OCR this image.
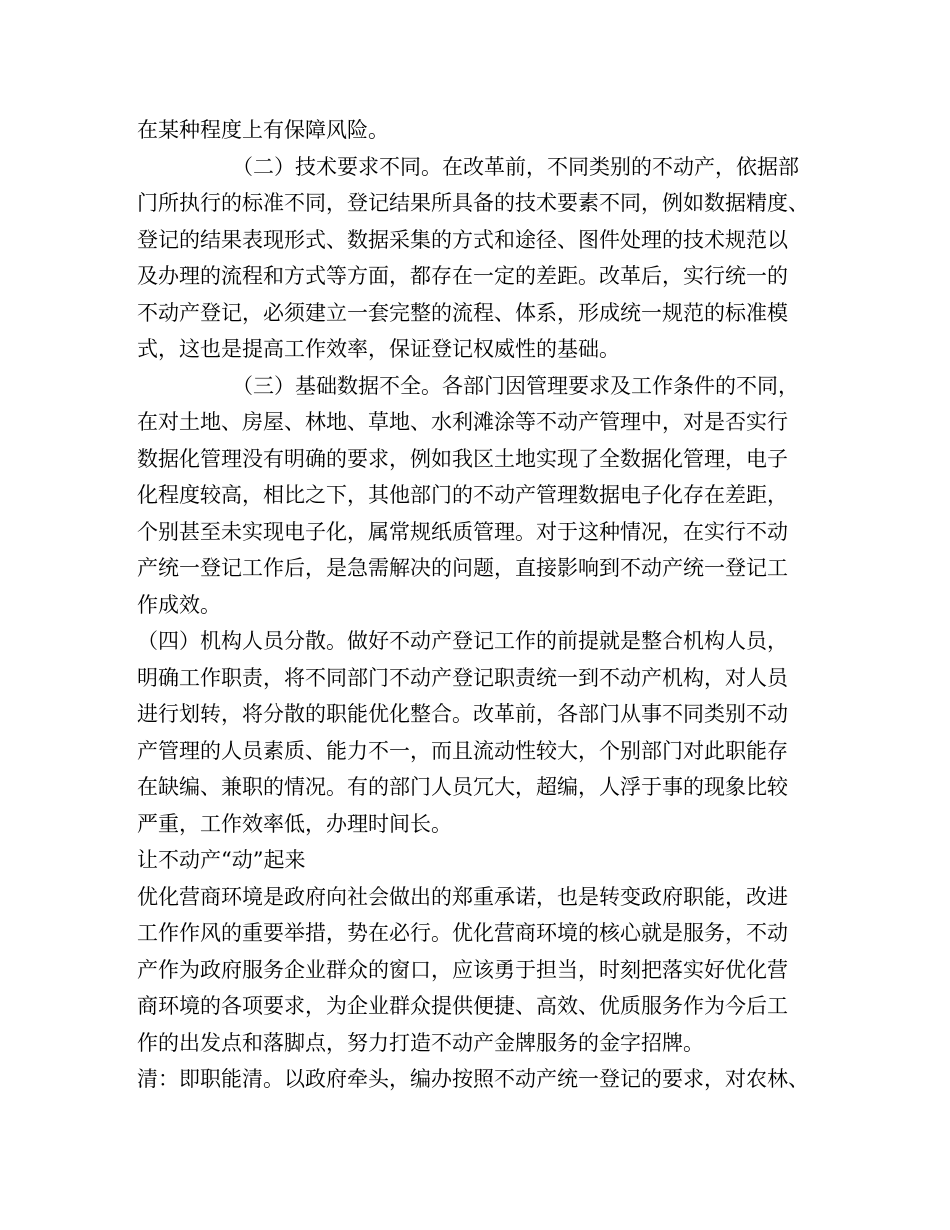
在某种程度上有保障风险。
（二）技术要求不同。在改革前，不同类别的不动产，依据部
门所执行的标准不同，登记结果所具备的技术要素不同，例如数据精度、
登记的结果表现形式、数据采集的方式和途径、图件处理的技术规范以
及办理的流程和方式等方面，都存在一定的差距。改革后，实行统一的
不动产登记，必须建立一套完整的流程、体系，形成统一规范的标准模
式，这也是提高工作效率，保证登记权威性的基础。
（三）基础数据不全。各部门因管理要求及工作条件的不同，
在对土地、房屋、林地、草地、水利滩涂等不动产管理中，对是否实行
数据化管理没有明确的要求，例如我区土地实现了全数据化管理，电子
化程度较高，相比之下，其他部门的不动产管理数据电子化存在差距，
个别甚至未实现电子化，属常规纸质管理。对于这种情况，在实行不动
产统一登记工作后，是急需解决的问题，直接影响到不动产统一登记工
作成效。
（四）机构人员分散。做好不动产登记工作的前提就是整合机构人员，
明确工作职责，将不同部门不动产登记职责统一到不动产机构，对人员
进行划转，将分散的职能优化整合。改革前，各部门从事不同类别不动
产管理的人员素质、能力不一，而且流动性较大，个别部门对此职能存
在缺编、兼职的情况。有的部门人员冗大，超编，人浮于事的现象比较
严重，工作效率低，办理时间长。
让不动产“动”起来
优化营商环境是政府向社会做出的郑重承诺，也是转变政府职能，改进
工作作风的重要举措，势在必行。优化营商环境的核心就是服务，不动
产作为政府服务企业群众的窗口，应该勇于担当，时刻把落实好优化营
商环境的各项要求，为企业群众提供便捷、高效、优质服务作为今后工
作的出发点和落脚点，努力打造不动产金牌服务的金字招牌。
清：即职能清。以政府牵头，编办按照不动产统一登记的要求，对农林、
